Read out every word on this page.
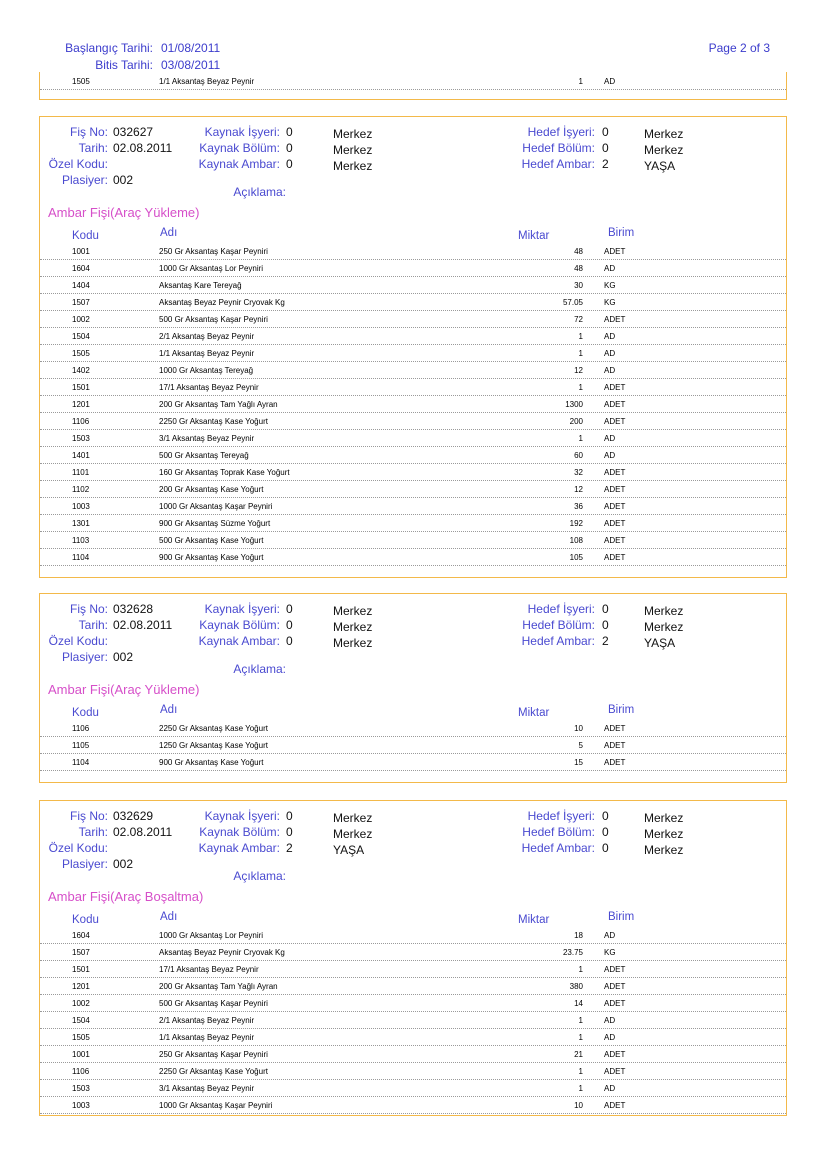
Başlangıç Tarihi: 01/08/2011
Bitis Tarihi: 03/08/2011
Page 2 of 3
1505	1/1 Aksantaş Beyaz Peynir	1	AD
Fiş No: 032627
Tarih: 02.08.2011
Özel Kodu:
Plasiyer: 002
Kaynak İşyeri: 0	Merkez
Kaynak Bölüm: 0	Merkez
Kaynak Ambar: 0	Merkez
Açıklama:
Hedef İşyeri: 0	Merkez
Hedef Bölüm: 0	Merkez
Hedef Ambar: 2	YAŞA
Ambar Fişi(Araç Yükleme)
Kodu	Adı	Miktar	Birim
1001	250 Gr Aksantaş Kaşar Peyniri	48	ADET
1604	1000 Gr Aksantaş Lor Peyniri	48	AD
1404	Aksantaş Kare Tereyağ	30	KG
1507	Aksantaş Beyaz Peynir Cryovak Kg	57.05	KG
1002	500 Gr Aksantaş Kaşar Peyniri	72	ADET
1504	2/1 Aksantaş Beyaz Peynir	1	AD
1505	1/1 Aksantaş Beyaz Peynir	1	AD
1402	1000 Gr Aksantaş Tereyağ	12	AD
1501	17/1 Aksantaş Beyaz Peynir	1	ADET
1201	200 Gr Aksantaş Tam Yağlı Ayran	1300	ADET
1106	2250 Gr Aksantaş Kase Yoğurt	200	ADET
1503	3/1 Aksantaş Beyaz Peynir	1	AD
1401	500 Gr Aksantaş Tereyağ	60	AD
1101	160 Gr Aksantaş Toprak Kase Yoğurt	32	ADET
1102	200 Gr Aksantaş Kase Yoğurt	12	ADET
1003	1000 Gr Aksantaş Kaşar Peyniri	36	ADET
1301	900 Gr Aksantaş Süzme Yoğurt	192	ADET
1103	500 Gr Aksantaş Kase Yoğurt	108	ADET
1104	900 Gr Aksantaş Kase Yoğurt	105	ADET
Fiş No: 032628
Tarih: 02.08.2011
Özel Kodu:
Plasiyer: 002
Kaynak İşyeri: 0	Merkez
Kaynak Bölüm: 0	Merkez
Kaynak Ambar: 0	Merkez
Açıklama:
Hedef İşyeri: 0	Merkez
Hedef Bölüm: 0	Merkez
Hedef Ambar: 2	YAŞA
Ambar Fişi(Araç Yükleme)
Kodu	Adı	Miktar	Birim
1106	2250 Gr Aksantaş Kase Yoğurt	10	ADET
1105	1250 Gr Aksantaş Kase Yoğurt	5	ADET
1104	900 Gr Aksantaş Kase Yoğurt	15	ADET
Fiş No: 032629
Tarih: 02.08.2011
Özel Kodu:
Plasiyer: 002
Kaynak İşyeri: 0	Merkez
Kaynak Bölüm: 0	Merkez
Kaynak Ambar: 2	YAŞA
Açıklama:
Hedef İşyeri: 0	Merkez
Hedef Bölüm: 0	Merkez
Hedef Ambar: 0	Merkez
Ambar Fişi(Araç Boşaltma)
Kodu	Adı	Miktar	Birim
1604	1000 Gr Aksantaş Lor Peyniri	18	AD
1507	Aksantaş Beyaz Peynir Cryovak Kg	23.75	KG
1501	17/1 Aksantaş Beyaz Peynir	1	ADET
1201	200 Gr Aksantaş Tam Yağlı Ayran	380	ADET
1002	500 Gr Aksantaş Kaşar Peyniri	14	ADET
1504	2/1 Aksantaş Beyaz Peynir	1	AD
1505	1/1 Aksantaş Beyaz Peynir	1	AD
1001	250 Gr Aksantaş Kaşar Peyniri	21	ADET
1106	2250 Gr Aksantaş Kase Yoğurt	1	ADET
1503	3/1 Aksantaş Beyaz Peynir	1	AD
1003	1000 Gr Aksantaş Kaşar Peyniri	10	ADET
